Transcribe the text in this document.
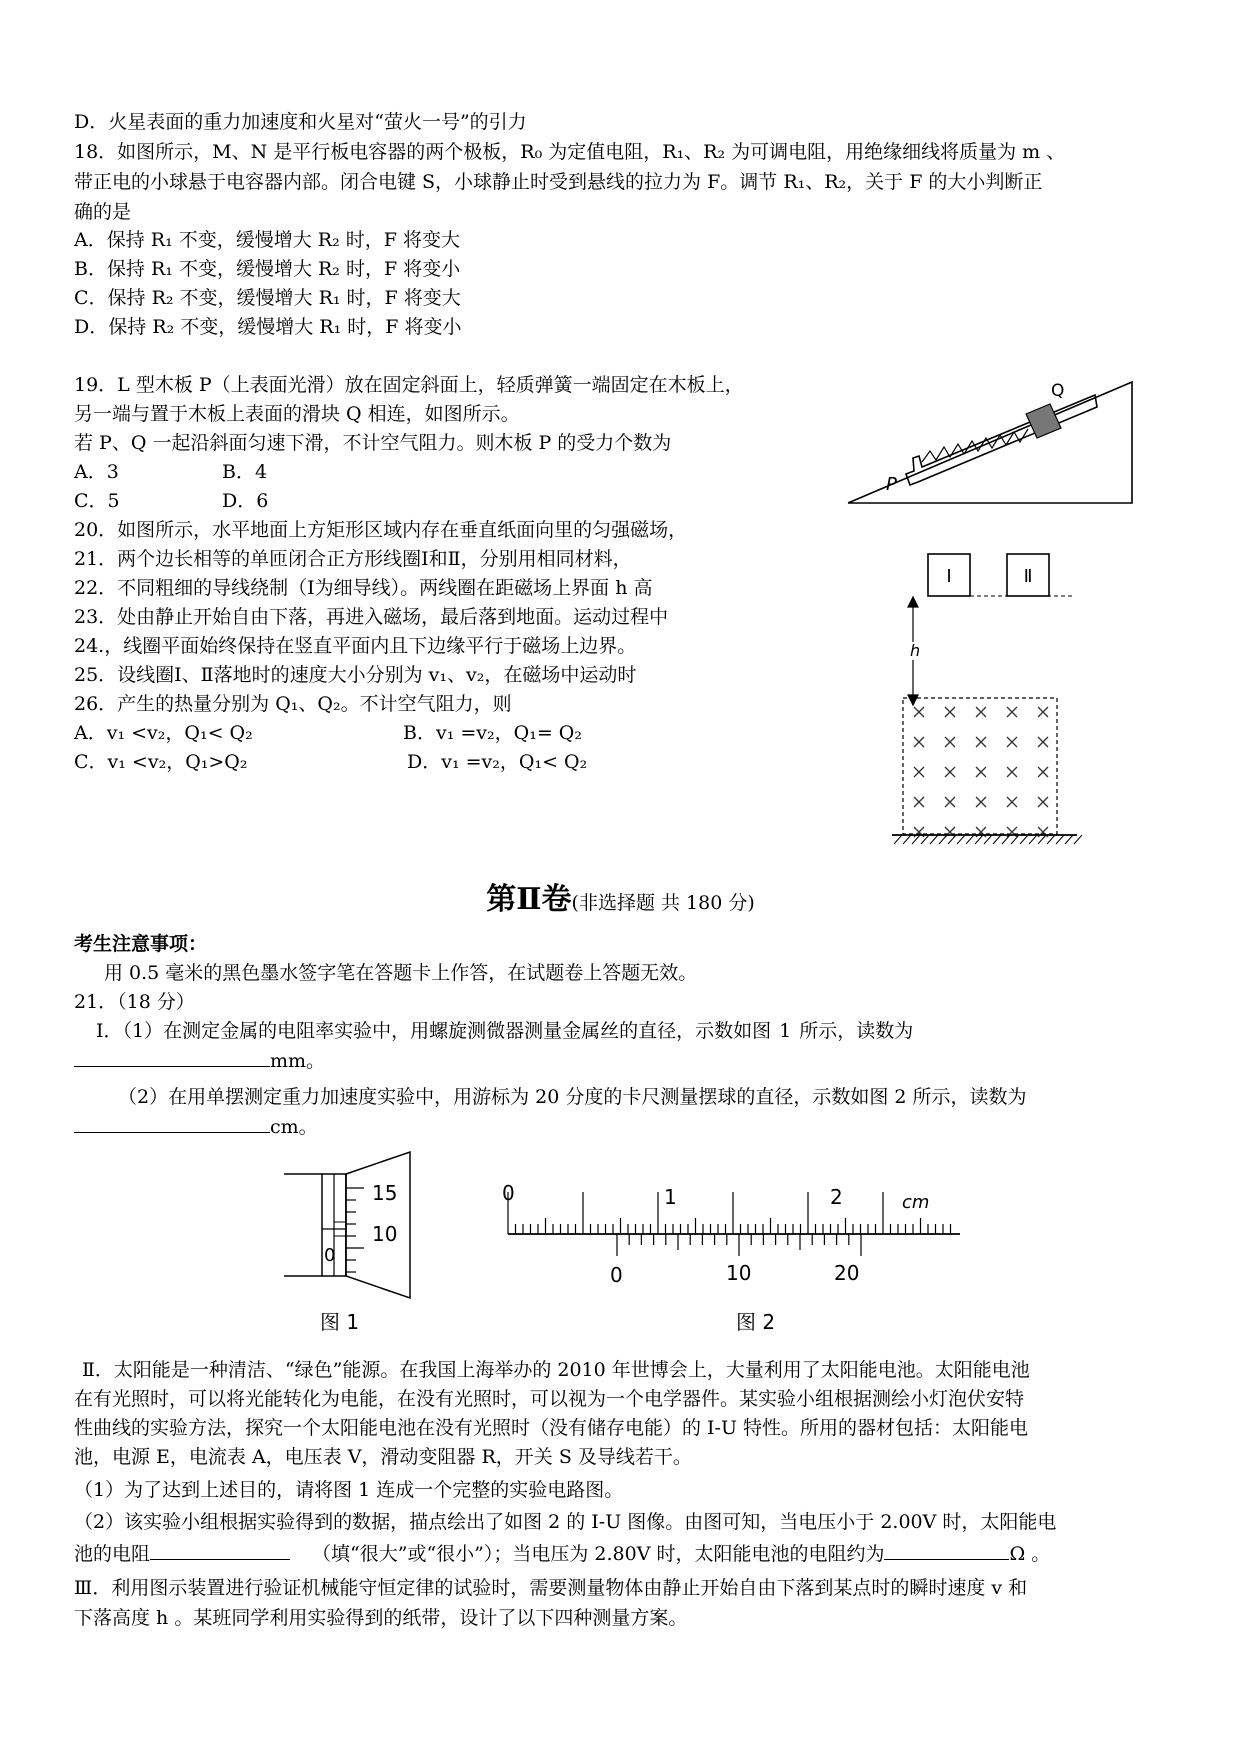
D．火星表面的重力加速度和火星对“萤火一号”的引力
18．如图所示，M、N 是平行板电容器的两个极板，R₀ 为定值电阻，R₁、R₂ 为可调电阻，用绝缘细线将质量为 m 、
带正电的小球悬于电容器内部。闭合电键 S，小球静止时受到悬线的拉力为 F。调节 R₁、R₂，关于 F 的大小判断正
确的是
A．保持 R₁ 不变，缓慢增大 R₂ 时，F 将变大
B．保持 R₁ 不变，缓慢增大 R₂ 时，F 将变小
C．保持 R₂ 不变，缓慢增大 R₁ 时，F 将变大
D．保持 R₂ 不变，缓慢增大 R₁ 时，F 将变小
19．L 型木板 P（上表面光滑）放在固定斜面上，轻质弹簧一端固定在木板上，
另一端与置于木板上表面的滑块 Q 相连，如图所示。
若 P、Q 一起沿斜面匀速下滑，不计空气阻力。则木板 P 的受力个数为
A．3	B．4
C．5	D．6
P
Q
20．如图所示，水平地面上方矩形区域内存在垂直纸面向里的匀强磁场，
21．两个边长相等的单匝闭合正方形线圈Ⅰ和Ⅱ，分别用相同材料，
22．不同粗细的导线绕制（Ⅰ为细导线）。两线圈在距磁场上界面 h 高
23．处由静止开始自由下落，再进入磁场，最后落到地面。运动过程中
24.，线圈平面始终保持在竖直平面内且下边缘平行于磁场上边界。
25．设线圈Ⅰ、Ⅱ落地时的速度大小分别为 v₁、v₂，在磁场中运动时
26．产生的热量分别为 Q₁、Q₂。不计空气阻力，则
A．v₁ <v₂，Q₁< Q₂	B．v₁ =v₂，Q₁= Q₂
C．v₁ <v₂，Q₁>Q₂	D．v₁ =v₂，Q₁< Q₂
Ⅰ	Ⅱ
h
第Ⅱ卷(非选择题 共 180 分)
考生注意事项：
用 0.5 毫米的黑色墨水签字笔在答题卡上作答，在试题卷上答题无效。
21．（18 分）
Ⅰ．（1）在测定金属的电阻率实验中，用螺旋测微器测量金属丝的直径，示数如图 1 所示，读数为
mm。
（2）在用单摆测定重力加速度实验中，用游标为 20 分度的卡尺测量摆球的直径，示数如图 2 所示，读数为
cm。
15
10
0
图 1
0	1	2	cm
0	10	20
图 2
Ⅱ．太阳能是一种清洁、“绿色”能源。在我国上海举办的 2010 年世博会上，大量利用了太阳能电池。太阳能电池
在有光照时，可以将光能转化为电能，在没有光照时，可以视为一个电学器件。某实验小组根据测绘小灯泡伏安特
性曲线的实验方法，探究一个太阳能电池在没有光照时（没有储存电能）的 I-U 特性。所用的器材包括：太阳能电
池，电源 E，电流表 A，电压表 V，滑动变阻器 R，开关 S 及导线若干。
（1）为了达到上述目的，请将图 1 连成一个完整的实验电路图。
（2）该实验小组根据实验得到的数据，描点绘出了如图 2 的 I-U 图像。由图可知，当电压小于 2.00V 时，太阳能电
池的电阻	（填“很大”或“很小”）；当电压为 2.80V 时，太阳能电池的电阻约为	Ω 。
Ⅲ．利用图示装置进行验证机械能守恒定律的试验时，需要测量物体由静止开始自由下落到某点时的瞬时速度 v 和
下落高度 h 。某班同学利用实验得到的纸带，设计了以下四种测量方案。
